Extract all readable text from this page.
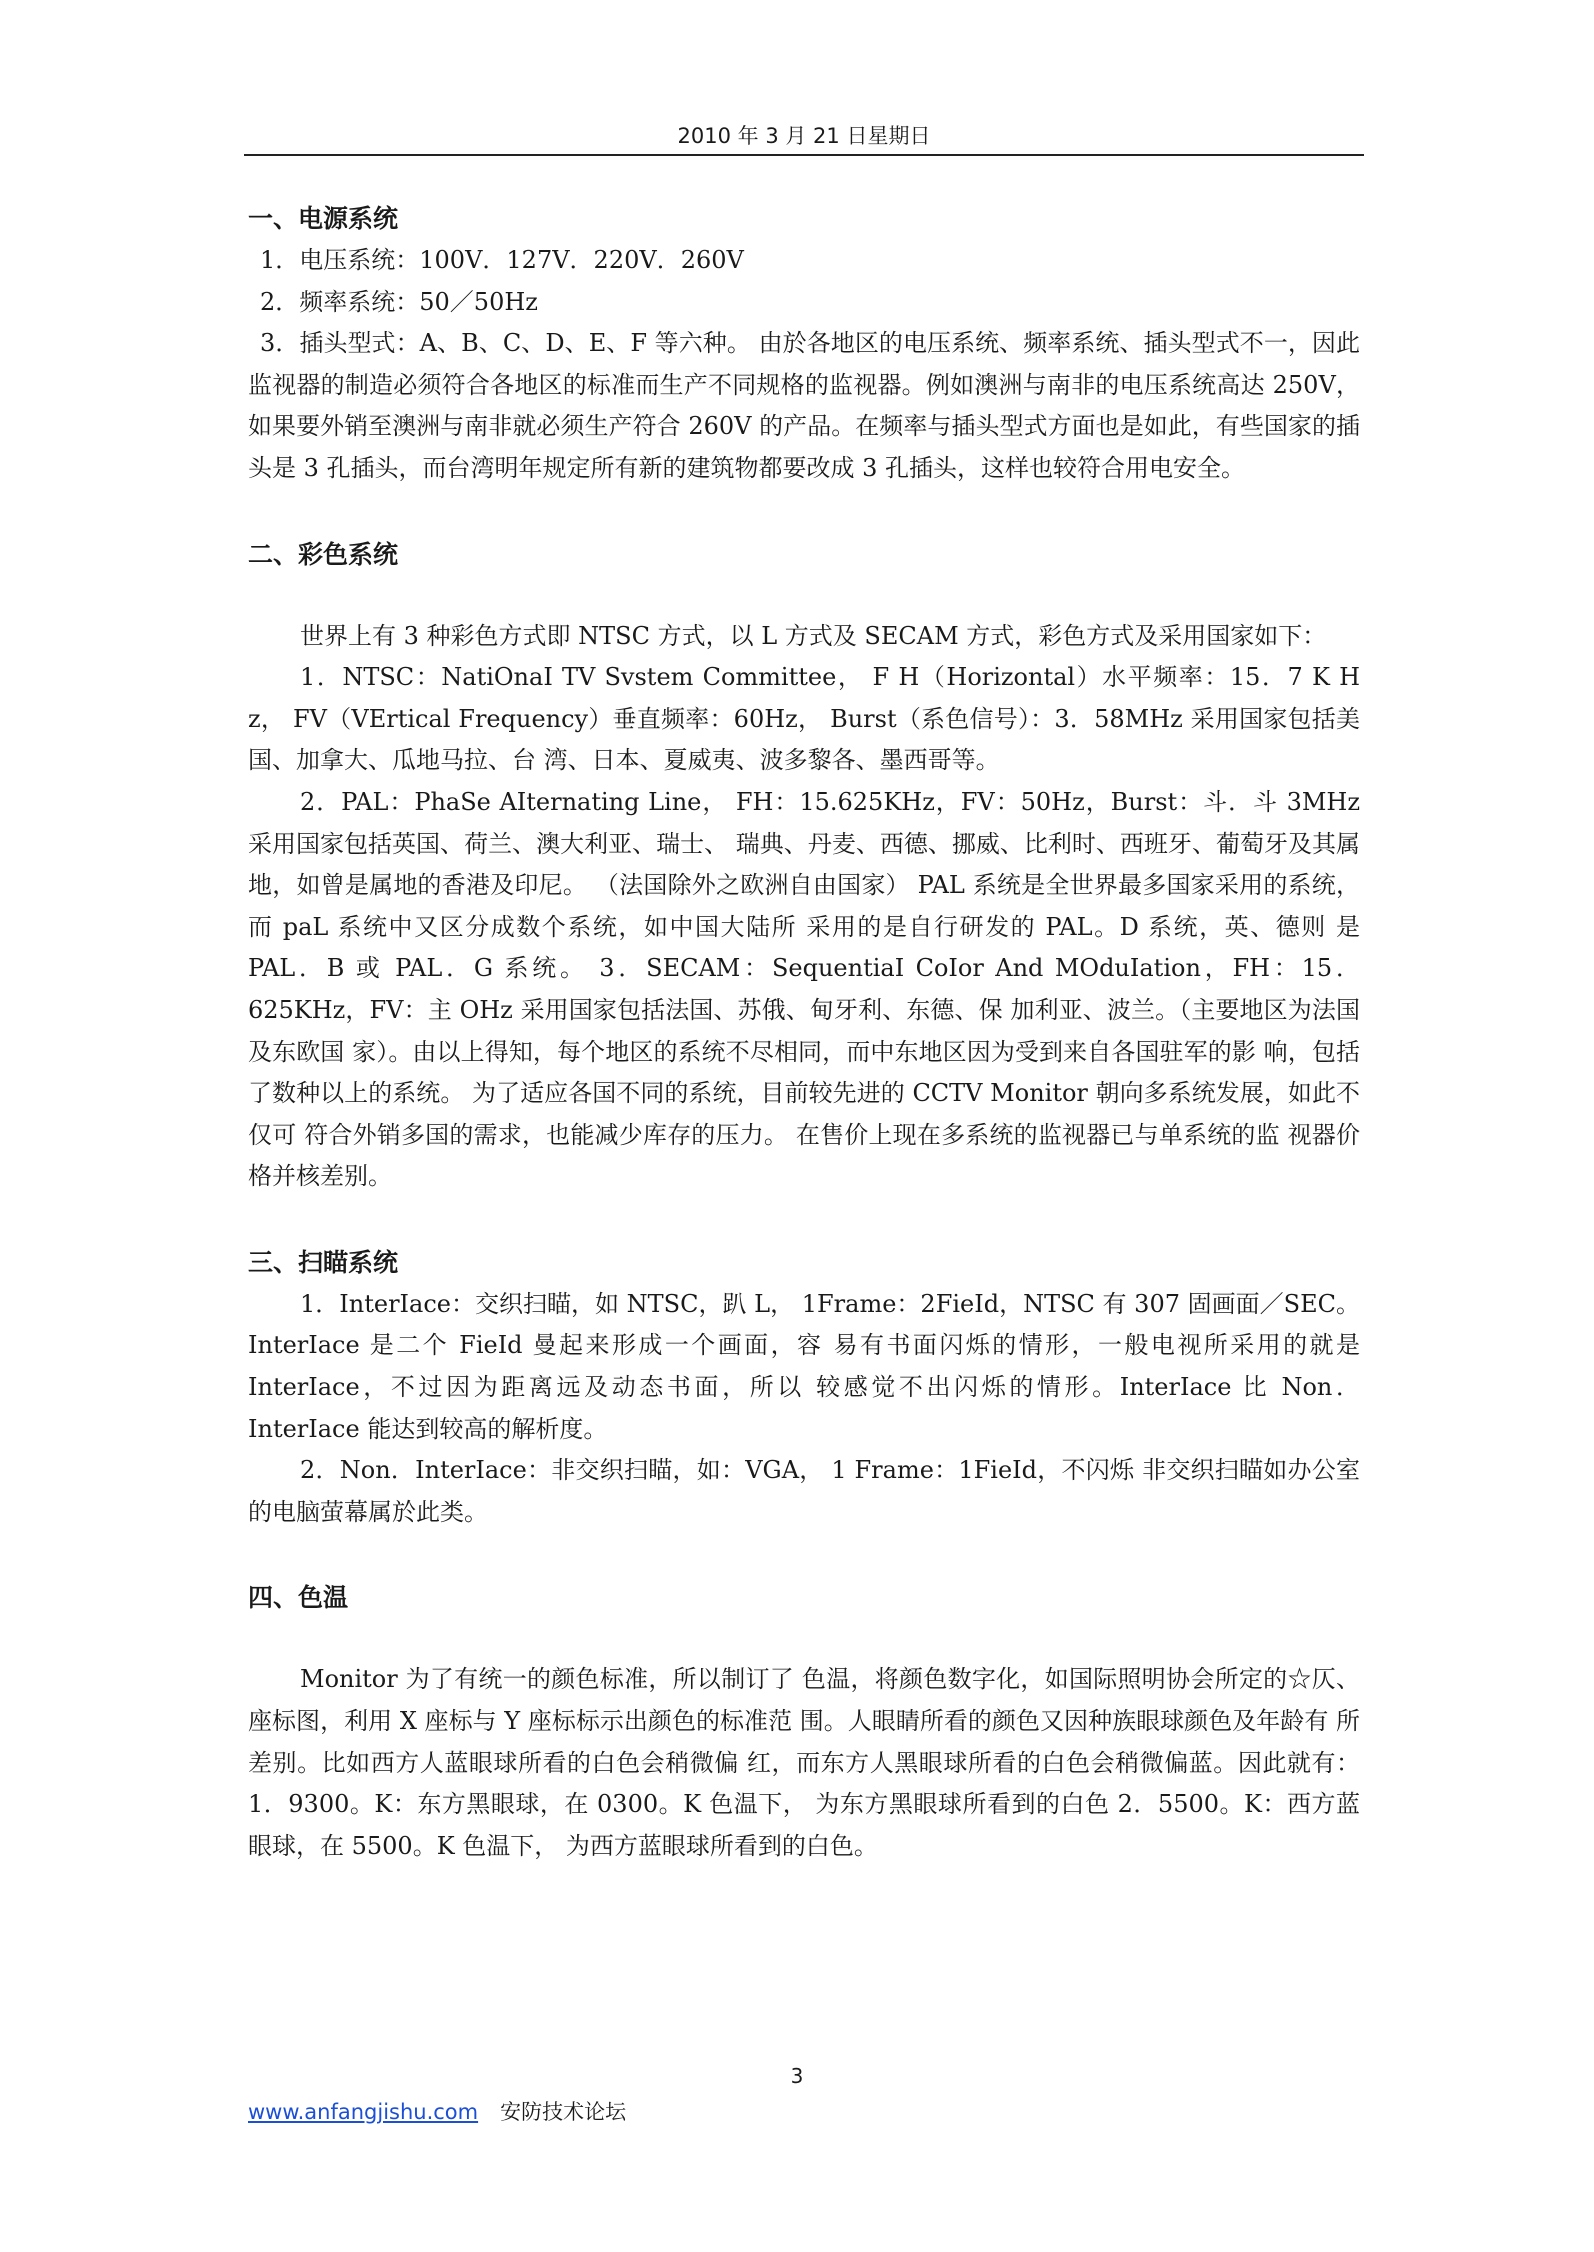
2010 年 3 月 21 日星期日

一、电源系统

1．电压系统：100V．127V．220V．260V

2．频率系统：50／50Hz

3．插头型式：A、B、C、D、E、F 等六种。 由於各地区的电压系统、频率系统、插头型式不一，因此监视器的制造必须符合各地区的标准而生产不同规格的监视器。例如澳洲与南非的电压系统高达 250V，如果要外销至澳洲与南非就必须生产符合 260V 的产品。在频率与插头型式方面也是如此，有些国家的插头是 3 孔插头，而台湾明年规定所有新的建筑物都要改成 3 孔插头，这样也较符合用电安全。

二、彩色系统

世界上有 3 种彩色方式即 NTSC 方式，以 L 方式及 SECAM 方式，彩色方式及采用国家如下：

1．NTSC：NatiOnaI TV Svstem Committee， F H（Horizontal）水平频率：15．7 K H z， FV（VErtical Frequency）垂直频率：60Hz， Burst（系色信号）：3．58MHz 采用国家包括美国、加拿大、瓜地马拉、台 湾、日本、夏威夷、波多黎各、墨西哥等。

2．PAL：PhaSe AIternating Line， FH：15.625KHz，FV：50Hz，Burst：斗．斗 3MHz 采用国家包括英国、荷兰、澳大利亚、瑞士、 瑞典、丹麦、西德、挪威、比利时、西班牙、葡萄牙及其属地，如曾是属地的香港及印尼。 （法国除外之欧洲自由国家） PAL 系统是全世界最多国家采用的系统，而 paL 系统中又区分成数个系统，如中国大陆所 采用的是自行研发的 PAL。D 系统，英、德则 是 PAL．B 或 PAL．G 系统。 3．SECAM：SequentiaI CoIor And MOduIation，FH：15．625KHz，FV：主 OHz 采用国家包括法国、苏俄、甸牙利、东德、保 加利亚、波兰。（主要地区为法国及东欧国 家）。由以上得知，每个地区的系统不尽相同，而中东地区因为受到来自各国驻军的影 响，包括了数种以上的系统。 为了适应各国不同的系统，目前较先进的 CCTV Monitor 朝向多系统发展，如此不仅可 符合外销多国的需求，也能减少库存的压力。 在售价上现在多系统的监视器已与单系统的监 视器价格并核差别。

三、扫瞄系统

1．InterIace：交织扫瞄，如 NTSC，趴 L， 1Frame：2FieId，NTSC 有 307 固画面／SEC。InterIace 是二个 FieId 曼起来形成一个画面，容 易有书面闪烁的情形，一般电视所采用的就是 InterIace，不过因为距离远及动态书面，所以 较感觉不出闪烁的情形。InterIace 比 Non． InterIace 能达到较高的解析度。

2．Non．InterIace：非交织扫瞄，如：VGA， 1 Frame：1FieId，不闪烁 非交织扫瞄如办公室的电脑萤幕属於此类。

四、色温

Monitor 为了有统一的颜色标准，所以制订了 色温，将颜色数字化，如国际照明协会所定的☆仄、 座标图，利用 X 座标与 Y 座标标示出颜色的标准范 围。人眼睛所看的颜色又因种族眼球颜色及年龄有 所差别。比如西方人蓝眼球所看的白色会稍微偏 红，而东方人黑眼球所看的白色会稍微偏蓝。因此就有： 1．9300。K：东方黑眼球，在 0300。K 色温下， 为东方黑眼球所看到的白色 2．5500。K：西方蓝眼球，在 5500。K 色温下， 为西方蓝眼球所看到的白色。

3
www.anfangjishu.com 安防技术论坛
